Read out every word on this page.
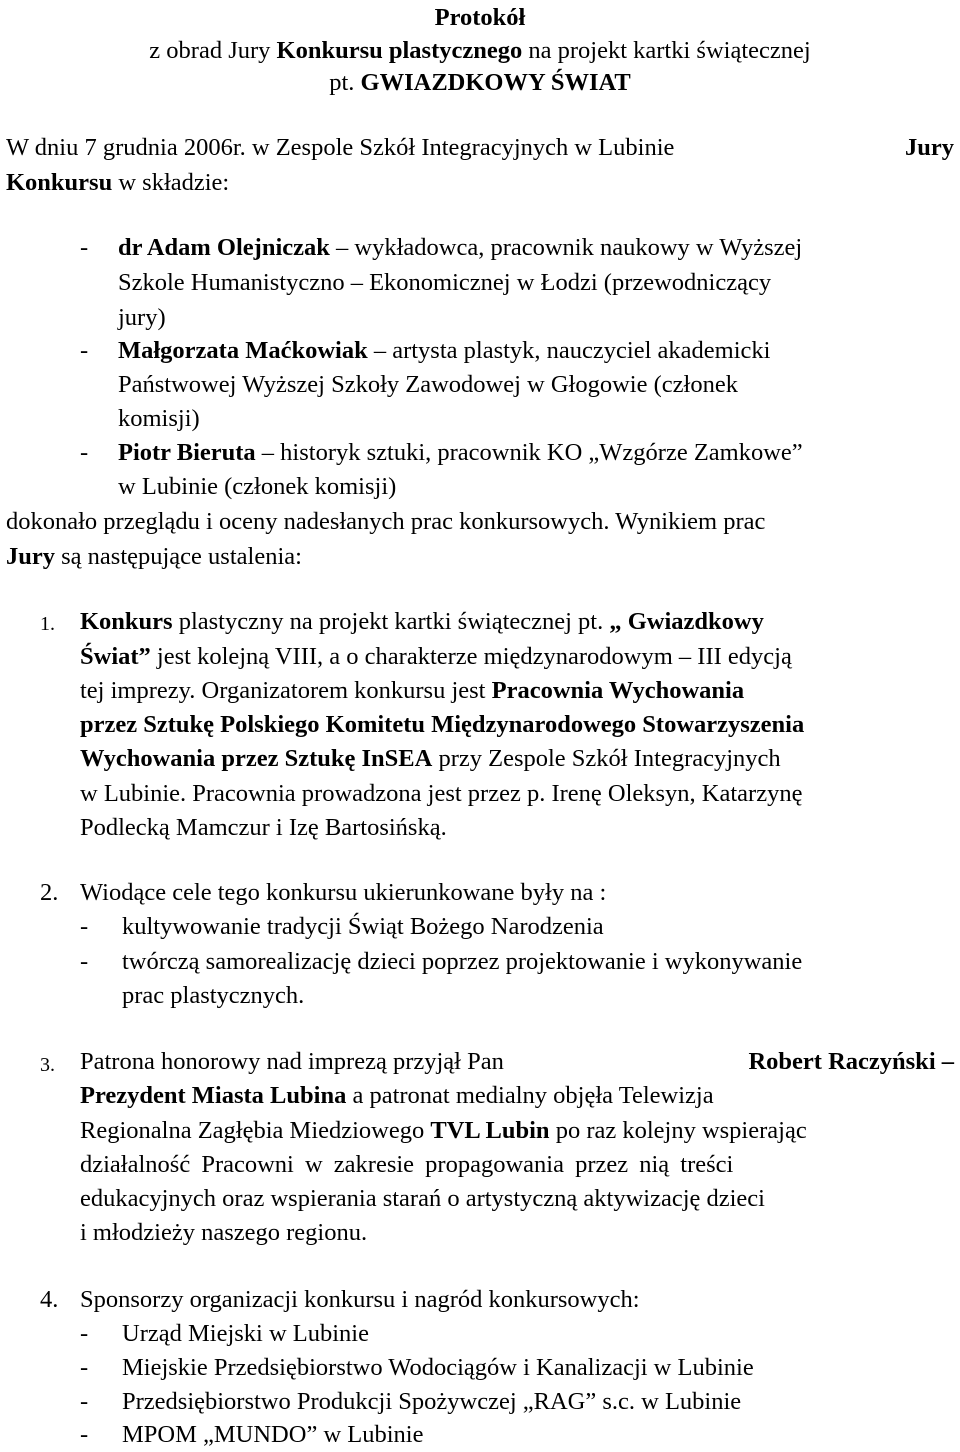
Protokół
z obrad Jury Konkursu plastycznego na projekt kartki świątecznej
pt. GWIAZDKOWY ŚWIAT
W dniu 7 grudnia 2006r. w Zespole Szkół Integracyjnych w Lubinie	Jury
Konkursu w składzie:
- dr Adam Olejniczak – wykładowca, pracownik naukowy w Wyższej
Szkole Humanistyczno – Ekonomicznej w Łodzi (przewodniczący
jury)
- Małgorzata Maćkowiak – artysta plastyk, nauczyciel akademicki
Państwowej Wyższej Szkoły Zawodowej w Głogowie (członek
komisji)
- Piotr Bieruta – historyk sztuki, pracownik KO „Wzgórze Zamkowe”
w Lubinie (członek komisji)
dokonało przeglądu i oceny nadesłanych prac konkursowych. Wynikiem prac
Jury są następujące ustalenia:
1. Konkurs plastyczny na projekt kartki świątecznej pt. „ Gwiazdkowy
Świat” jest kolejną VIII, a o charakterze międzynarodowym – III edycją
tej imprezy. Organizatorem konkursu jest Pracownia Wychowania
przez Sztukę Polskiego Komitetu Międzynarodowego Stowarzyszenia
Wychowania przez Sztukę InSEA przy Zespole Szkół Integracyjnych
w Lubinie. Pracownia prowadzona jest przez p. Irenę Oleksyn, Katarzynę
Podlecką Mamczur i Izę Bartosińską.
2. Wiodące cele tego konkursu ukierunkowane były na :
- kultywowanie tradycji Świąt Bożego Narodzenia
- twórczą samorealizację dzieci poprzez projektowanie i wykonywanie
prac plastycznych.
3. Patrona honorowy nad imprezą przyjął Pan	Robert Raczyński –
Prezydent Miasta Lubina a patronat medialny objęła Telewizja
Regionalna Zagłębia Miedziowego TVL Lubin po raz kolejny wspierając
działalność Pracowni w zakresie propagowania przez nią treści
edukacyjnych oraz wspierania starań o artystyczną aktywizację dzieci
i młodzieży naszego regionu.
4. Sponsorzy organizacji konkursu i nagród konkursowych:
- Urząd Miejski w Lubinie
- Miejskie Przedsiębiorstwo Wodociągów i Kanalizacji w Lubinie
- Przedsiębiorstwo Produkcji Spożywczej „RAG” s.c. w Lubinie
- MPOM „MUNDO” w Lubinie
